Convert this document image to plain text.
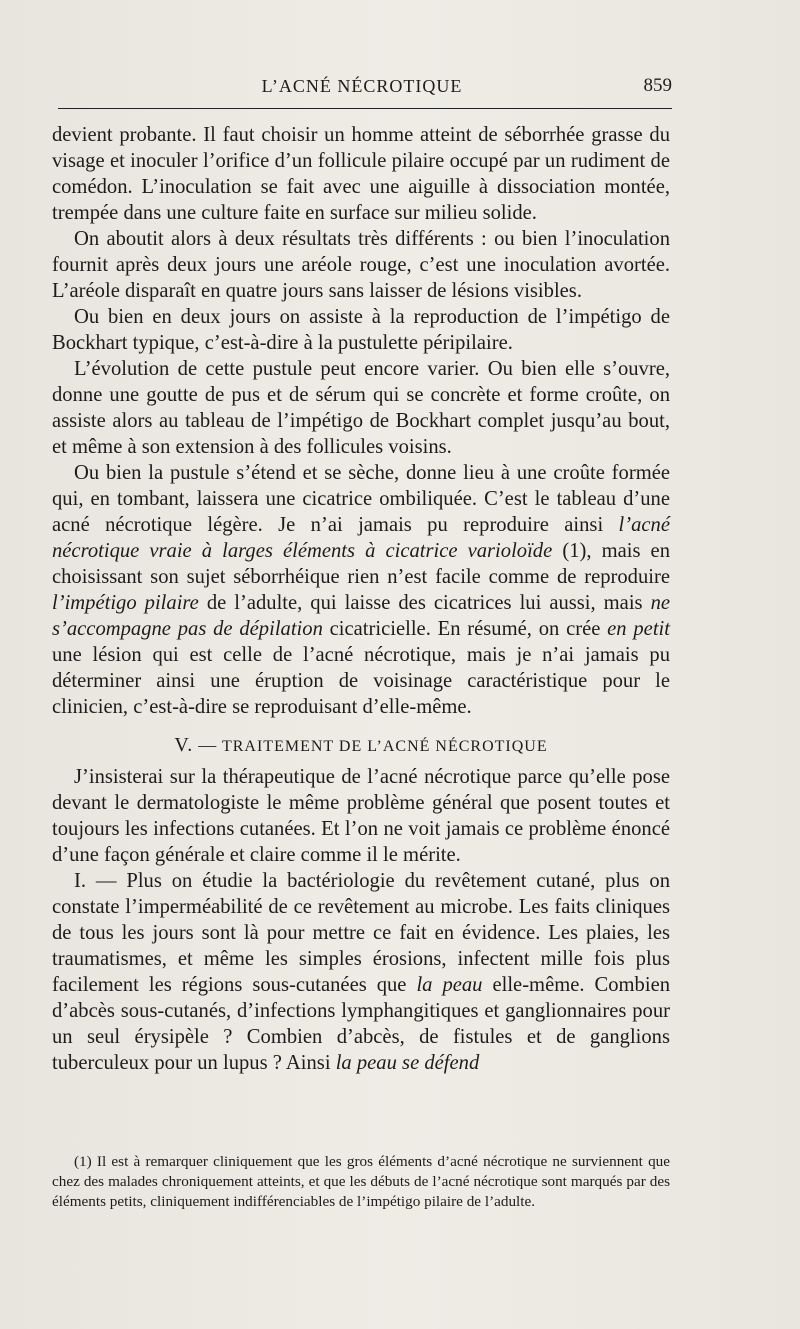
L’ACNÉ NÉCROTIQUE	859

devient probante. Il faut choisir un homme atteint de séborrhée grasse du visage et inoculer l’orifice d’un follicule pilaire occupé par un rudiment de comédon. L’inoculation se fait avec une aiguille à dissociation montée, trempée dans une culture faite en surface sur milieu solide.

On aboutit alors à deux résultats très différents : ou bien l’inoculation fournit après deux jours une aréole rouge, c’est une inoculation avortée. L’aréole disparaît en quatre jours sans laisser de lésions visibles.

Ou bien en deux jours on assiste à la reproduction de l’impétigo de Bockhart typique, c’est-à-dire à la pustulette péripilaire.

L’évolution de cette pustule peut encore varier. Ou bien elle s’ouvre, donne une goutte de pus et de sérum qui se concrète et forme croûte, on assiste alors au tableau de l’impétigo de Bockhart complet jusqu’au bout, et même à son extension à des follicules voisins.

Ou bien la pustule s’étend et se sèche, donne lieu à une croûte formée qui, en tombant, laissera une cicatrice ombiliquée. C’est le tableau d’une acné nécrotique légère. Je n’ai jamais pu reproduire ainsi l’acné nécrotique vraie à larges éléments à cicatrice varioloïde (1), mais en choisissant son sujet séborrhéique rien n’est facile comme de reproduire l’impétigo pilaire de l’adulte, qui laisse des cicatrices lui aussi, mais ne s’accompagne pas de dépilation cicatricielle. En résumé, on crée en petit une lésion qui est celle de l’acné nécrotique, mais je n’ai jamais pu déterminer ainsi une éruption de voisinage caractéristique pour le clinicien, c’est-à-dire se reproduisant d’elle-même.

V. — TRAITEMENT DE L’ACNÉ NÉCROTIQUE

J’insisterai sur la thérapeutique de l’acné nécrotique parce qu’elle pose devant le dermatologiste le même problème général que posent toutes et toujours les infections cutanées. Et l’on ne voit jamais ce problème énoncé d’une façon générale et claire comme il le mérite.

I. — Plus on étudie la bactériologie du revêtement cutané, plus on constate l’imperméabilité de ce revêtement au microbe. Les faits cliniques de tous les jours sont là pour mettre ce fait en évidence. Les plaies, les traumatismes, et même les simples érosions, infectent mille fois plus facilement les régions sous-cutanées que la peau elle-même. Combien d’abcès sous-cutanés, d’infections lymphangitiques et ganglionnaires pour un seul érysipèle ? Combien d’abcès, de fistules et de ganglions tuberculeux pour un lupus ? Ainsi la peau se défend

(1) Il est à remarquer cliniquement que les gros éléments d’acné nécrotique ne surviennent que chez des malades chroniquement atteints, et que les débuts de l’acné nécrotique sont marqués par des éléments petits, cliniquement indifférenciables de l’impétigo pilaire de l’adulte.
